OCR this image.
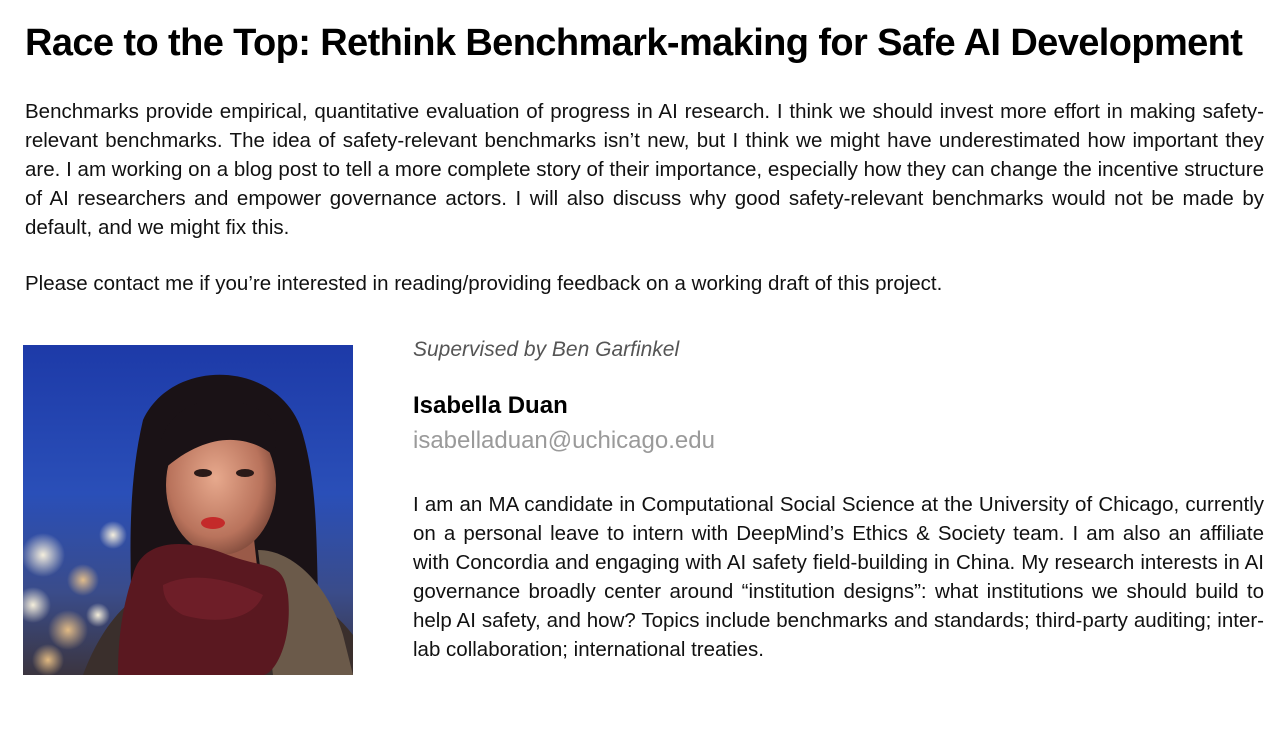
Race to the Top: Rethink Benchmark-making for Safe AI Development

Benchmarks provide empirical, quantitative evaluation of progress in AI research. I think we should invest more effort in making safety-relevant benchmarks. The idea of safety-relevant benchmarks isn’t new, but I think we might have underestimated how important they are. I am working on a blog post to tell a more complete story of their importance, especially how they can change the incentive structure of AI researchers and empower governance actors. I will also discuss why good safety-relevant benchmarks would not be made by default, and we might fix this.

Please contact me if you’re interested in reading/providing feedback on a working draft of this project.

Supervised by Ben Garfinkel

Isabella Duan

isabelladuan@uchicago.edu

I am an MA candidate in Computational Social Science at the University of Chicago, currently on a personal leave to intern with DeepMind’s Ethics & Society team. I am also an affiliate with Concordia and engaging with AI safety field-building in China. My research interests in AI governance broadly center around “institution designs”: what institutions we should build to help AI safety, and how? Topics include benchmarks and standards; third-party auditing; inter-lab collaboration; international treaties.
